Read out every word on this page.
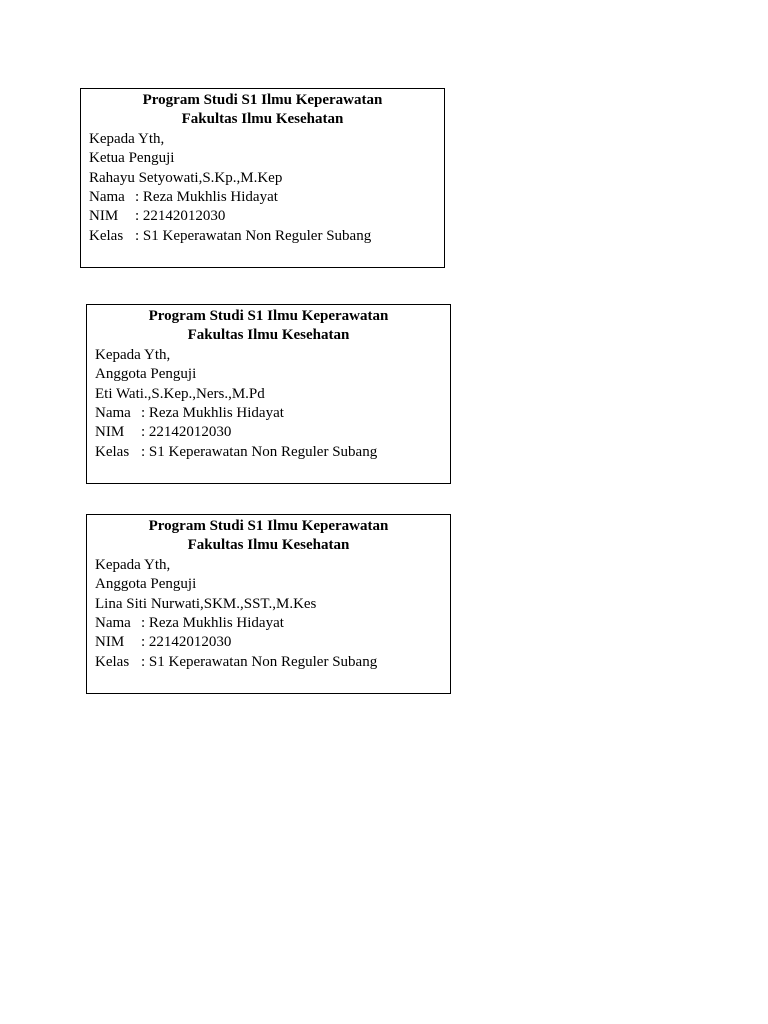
Program Studi S1 Ilmu Keperawatan
Fakultas Ilmu Kesehatan
Kepada Yth,
Ketua Penguji
Rahayu Setyowati,S.Kp.,M.Kep
Nama : Reza Mukhlis Hidayat
NIM	: 22142012030
Kelas : S1 Keperawatan Non Reguler Subang
Program Studi S1 Ilmu Keperawatan
Fakultas Ilmu Kesehatan
Kepada Yth,
Anggota Penguji
Eti Wati.,S.Kep.,Ners.,M.Pd
Nama : Reza Mukhlis Hidayat
NIM	: 22142012030
Kelas : S1 Keperawatan Non Reguler Subang
Program Studi S1 Ilmu Keperawatan
Fakultas Ilmu Kesehatan
Kepada Yth,
Anggota Penguji
Lina Siti Nurwati,SKM.,SST.,M.Kes
Nama : Reza Mukhlis Hidayat
NIM	: 22142012030
Kelas : S1 Keperawatan Non Reguler Subang
